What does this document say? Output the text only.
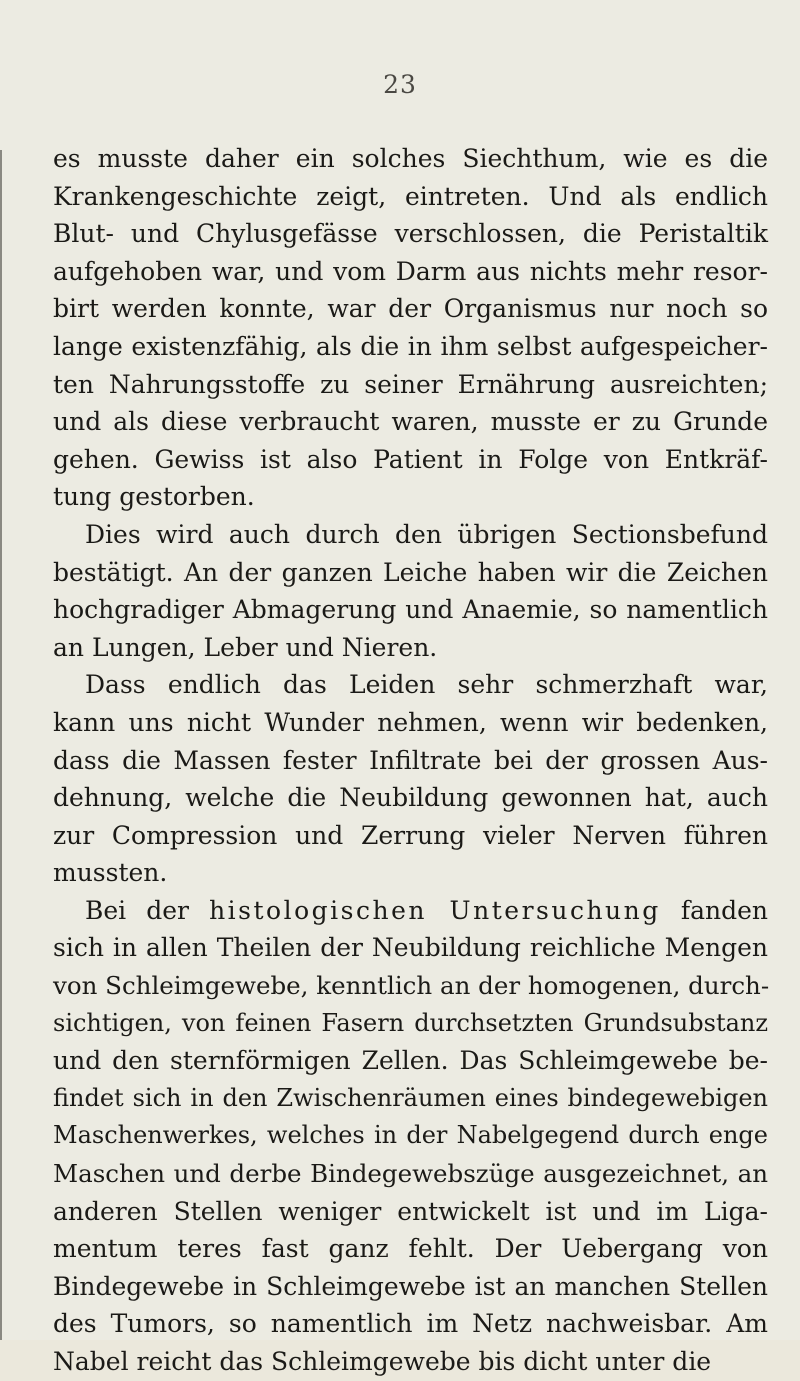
23
es musste daher ein solches Siechthum, wie es die
Krankengeschichte zeigt, eintreten. Und als endlich
Blut- und Chylusgefässe verschlossen, die Peristaltik
aufgehoben war, und vom Darm aus nichts mehr resor-
birt werden konnte, war der Organismus nur noch so
lange existenzfähig, als die in ihm selbst aufgespeicher-
ten Nahrungsstoffe zu seiner Ernährung ausreichten;
und als diese verbraucht waren, musste er zu Grunde
gehen. Gewiss ist also Patient in Folge von Entkräf-
tung gestorben.
Dies wird auch durch den übrigen Sectionsbefund
bestätigt. An der ganzen Leiche haben wir die Zeichen
hochgradiger Abmagerung und Anaemie, so namentlich
an Lungen, Leber und Nieren.
Dass endlich das Leiden sehr schmerzhaft war,
kann uns nicht Wunder nehmen, wenn wir bedenken,
dass die Massen fester Infiltrate bei der grossen Aus-
dehnung, welche die Neubildung gewonnen hat, auch
zur Compression und Zerrung vieler Nerven führen
mussten.
Bei der histologischen Untersuchung fanden
sich in allen Theilen der Neubildung reichliche Mengen
von Schleimgewebe, kenntlich an der homogenen, durch-
sichtigen, von feinen Fasern durchsetzten Grundsubstanz
und den sternförmigen Zellen. Das Schleimgewebe be-
findet sich in den Zwischenräumen eines bindegewebigen
Maschenwerkes, welches in der Nabelgegend durch enge
Maschen und derbe Bindegewebszüge ausgezeichnet, an
anderen Stellen weniger entwickelt ist und im Liga-
mentum teres fast ganz fehlt. Der Uebergang von
Bindegewebe in Schleimgewebe ist an manchen Stellen
des Tumors, so namentlich im Netz nachweisbar. Am
Nabel reicht das Schleimgewebe bis dicht unter die
